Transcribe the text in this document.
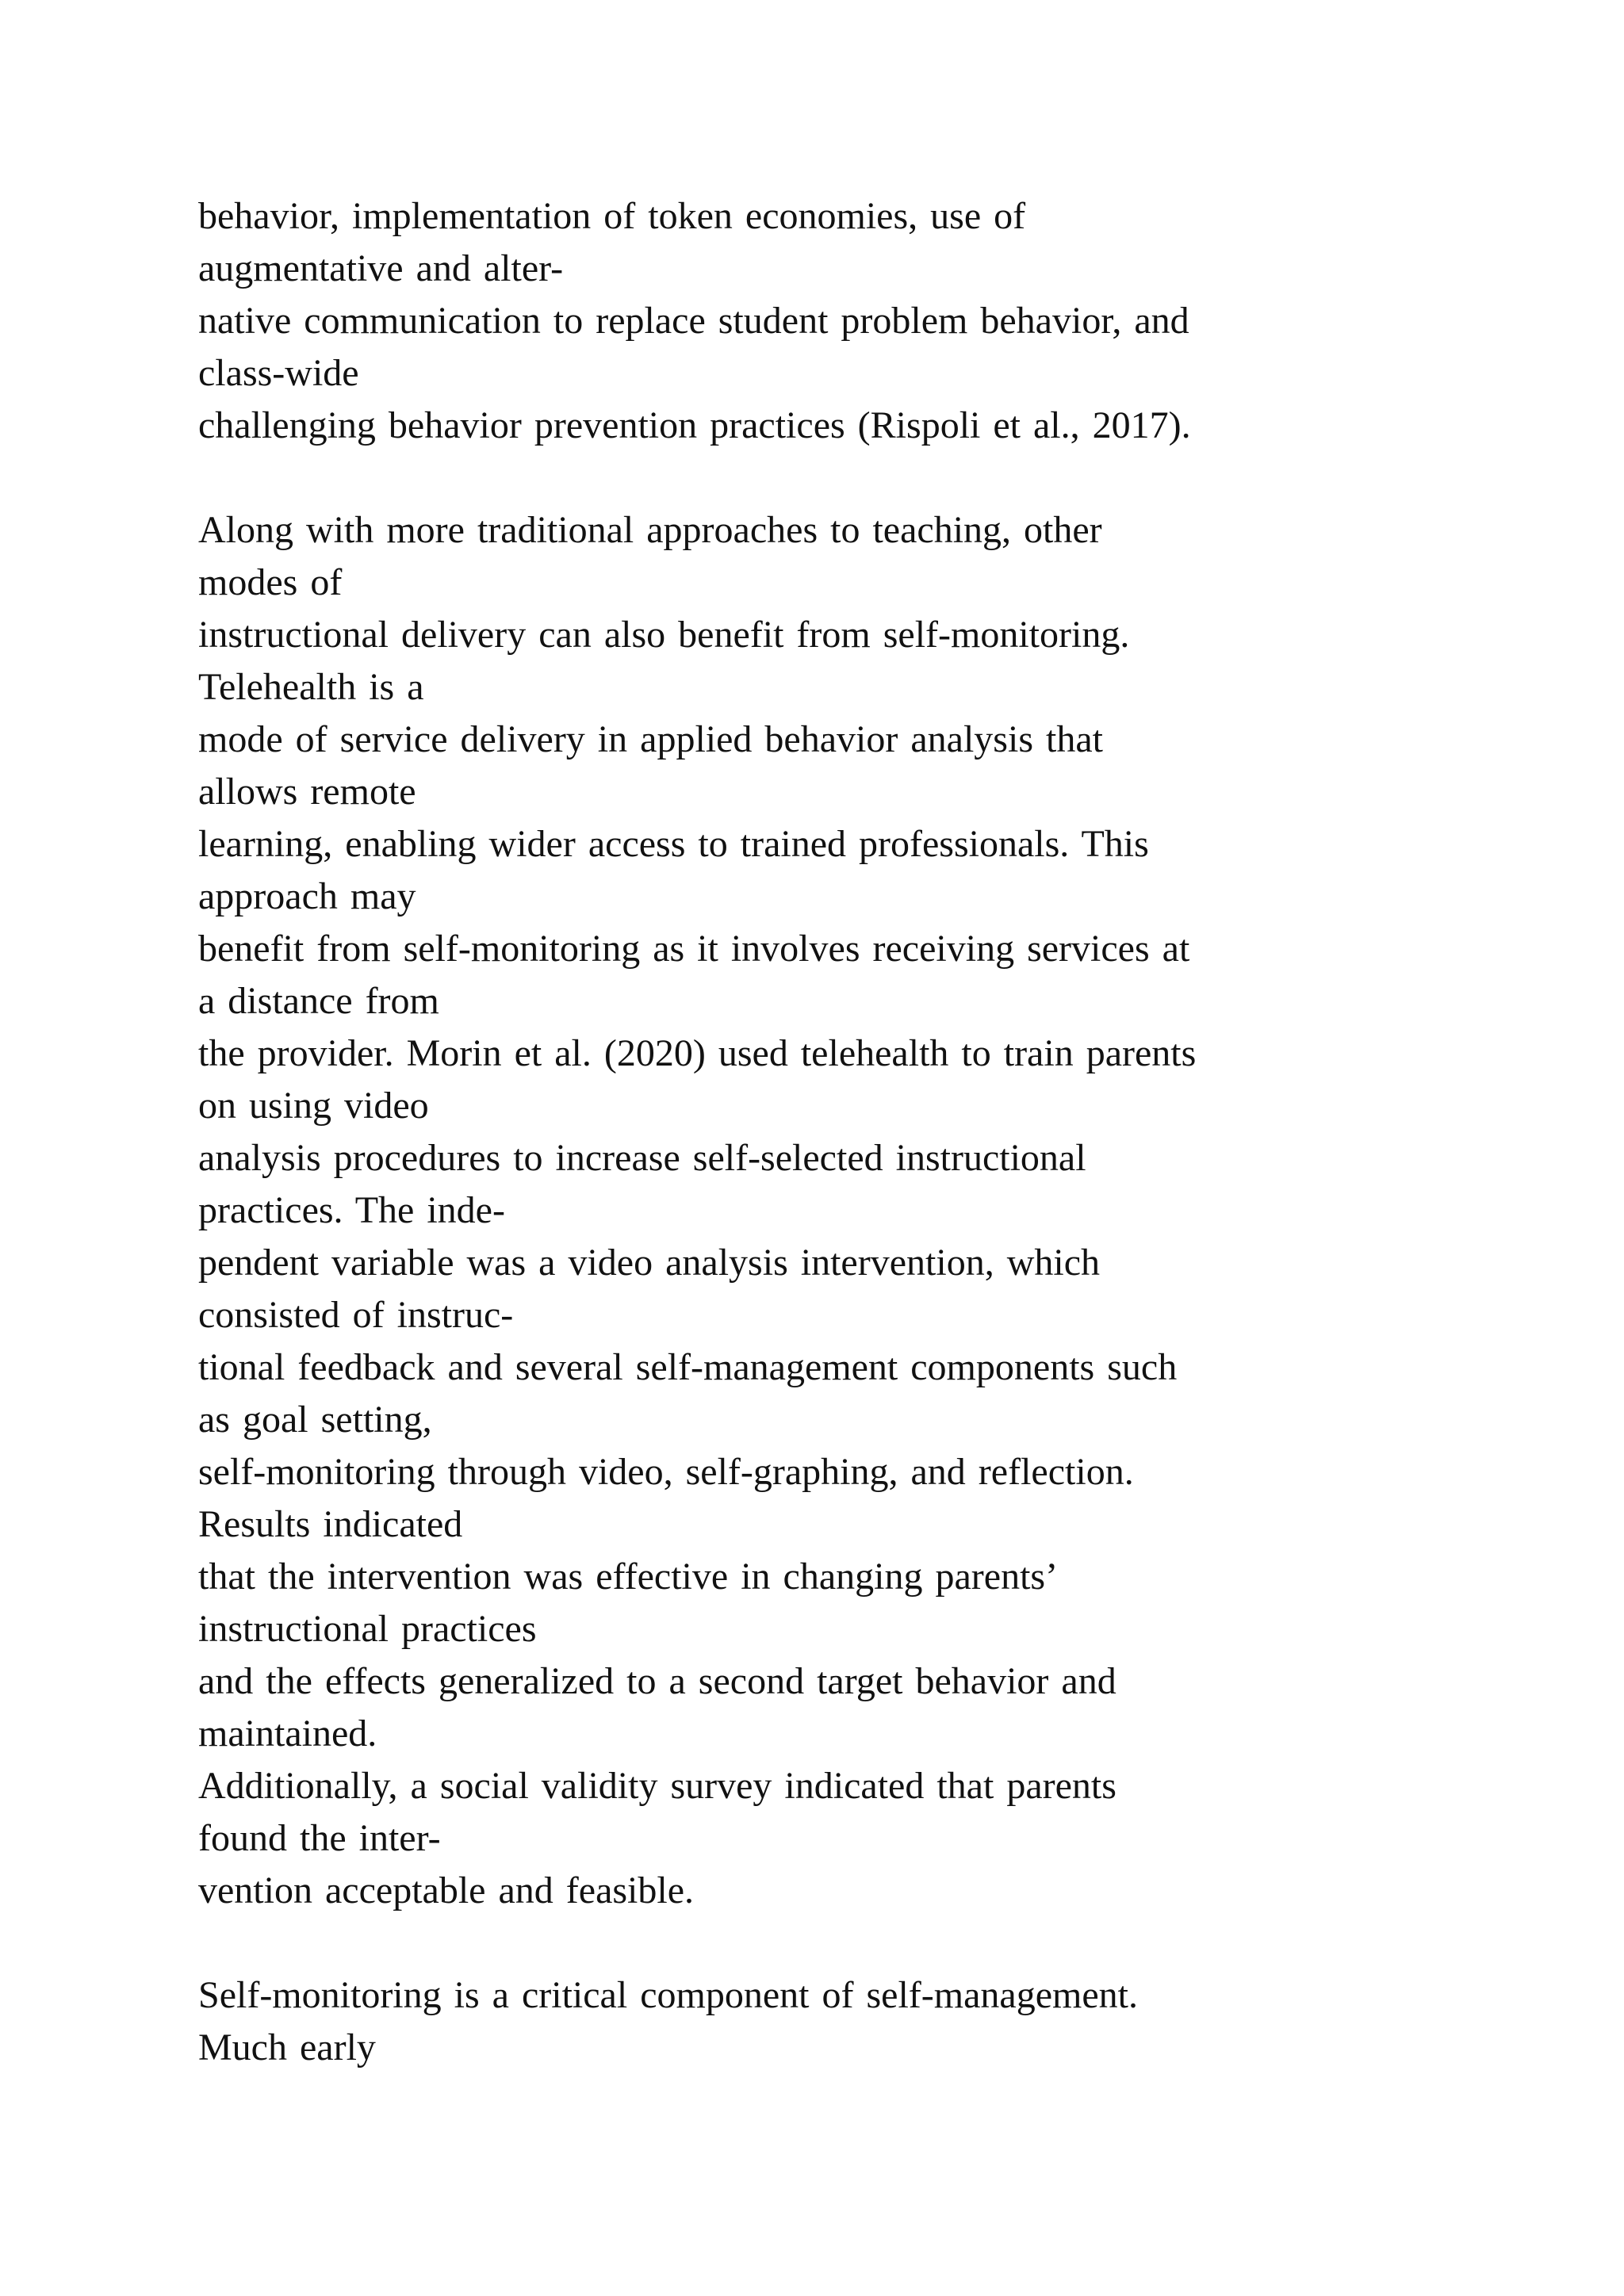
behavior, implementation of token economies, use of
augmentative and alter-
native communication to replace student problem behavior, and
class-wide
challenging behavior prevention practices (Rispoli et al., 2017).
Along with more traditional approaches to teaching, other
modes of
instructional delivery can also benefit from self-monitoring.
Telehealth is a
mode of service delivery in applied behavior analysis that
allows remote
learning, enabling wider access to trained professionals. This
approach may
benefit from self-monitoring as it involves receiving services at
a distance from
the provider. Morin et al. (2020) used telehealth to train parents
on using video
analysis procedures to increase self-selected instructional
practices. The inde-
pendent variable was a video analysis intervention, which
consisted of instruc-
tional feedback and several self-management components such
as goal setting,
self-monitoring through video, self-graphing, and reflection.
Results indicated
that the intervention was effective in changing parents’
instructional practices
and the effects generalized to a second target behavior and
maintained.
Additionally, a social validity survey indicated that parents
found the inter-
vention acceptable and feasible.
Self-monitoring is a critical component of self-management.
Much early
